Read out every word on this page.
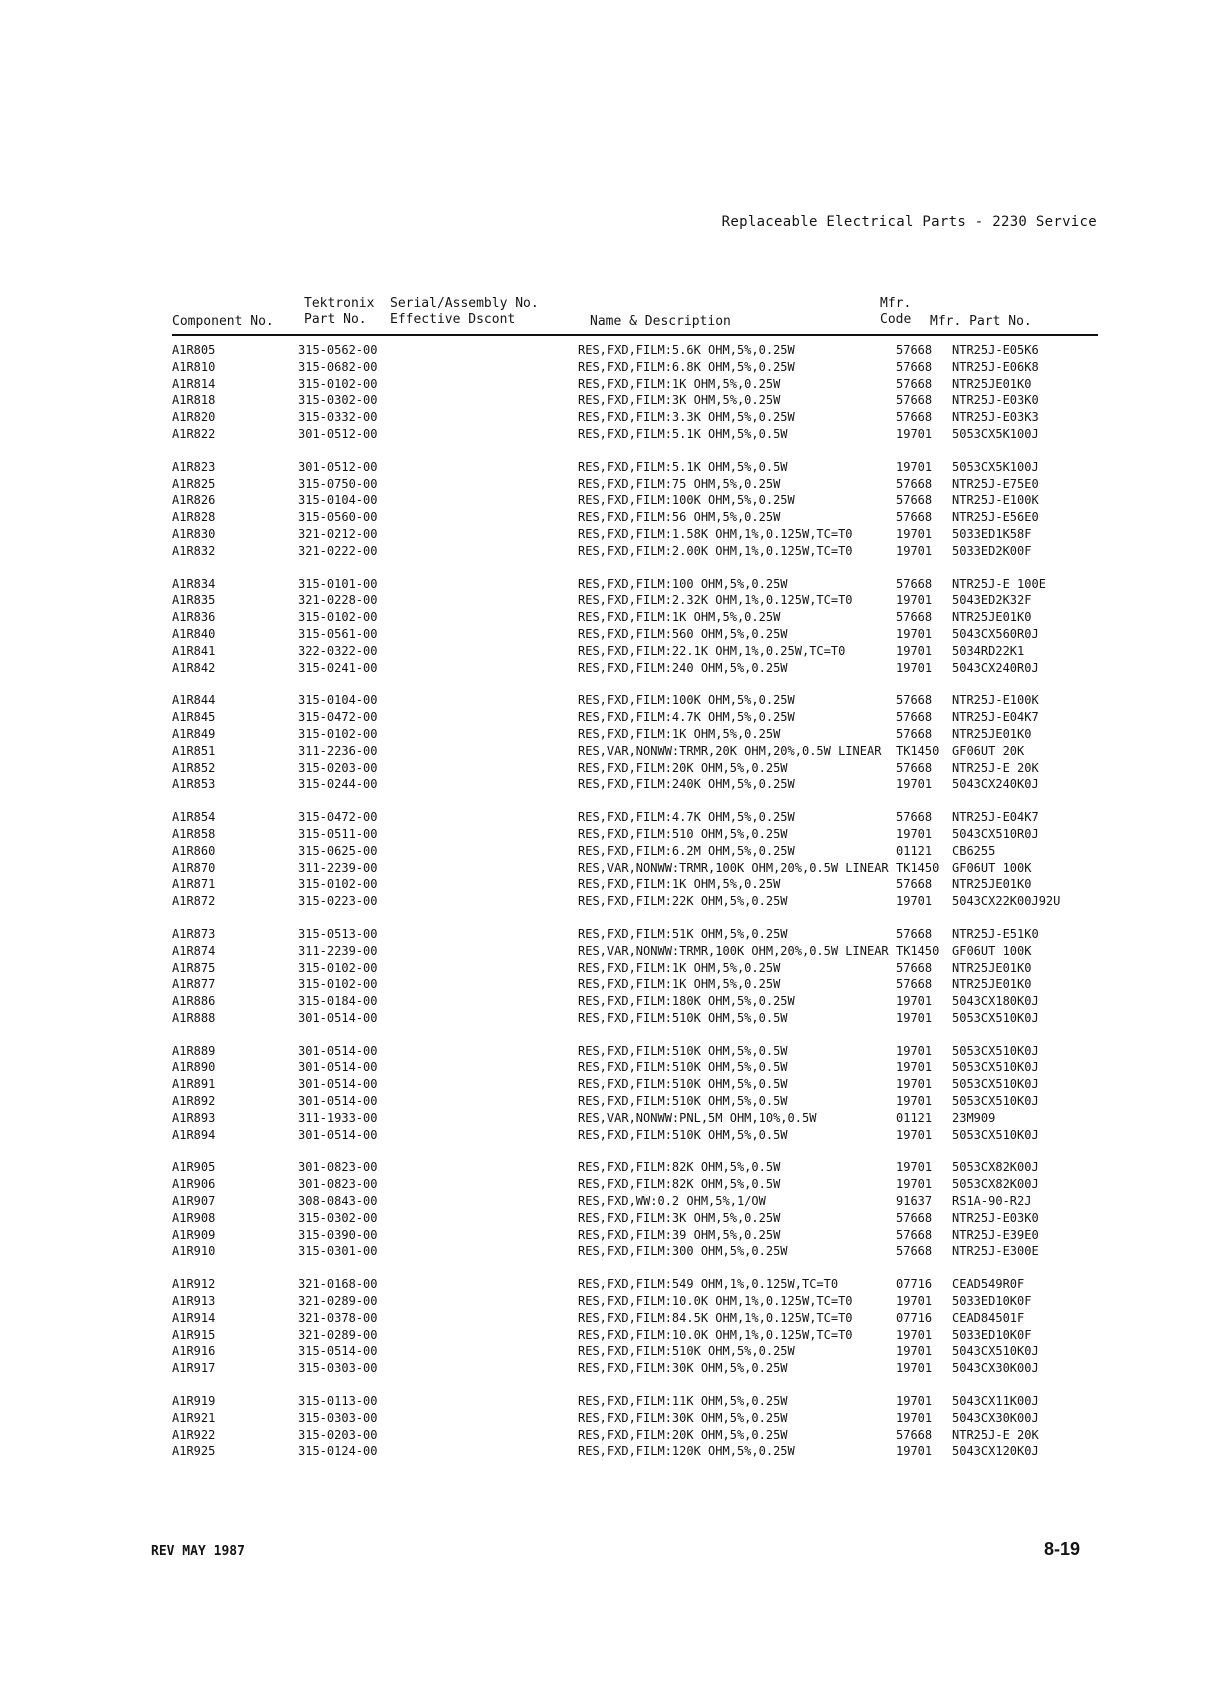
Replaceable Electrical Parts - 2230 Service
Component No.
Tektronix Part No.
Serial/Assembly No. Effective Dscont	Name & Description
Mfr. Code	Mfr. Part No.
A1R805	315-0562-00	RES,FXD,FILM:5.6K OHM,5%,0.25W	57668	NTR25J-E05K6
A1R810	315-0682-00	RES,FXD,FILM:6.8K OHM,5%,0.25W	57668	NTR25J-E06K8
A1R814	315-0102-00	RES,FXD,FILM:1K OHM,5%,0.25W	57668	NTR25JE01K0
A1R818	315-0302-00	RES,FXD,FILM:3K OHM,5%,0.25W	57668	NTR25J-E03K0
A1R820	315-0332-00	RES,FXD,FILM:3.3K OHM,5%,0.25W	57668	NTR25J-E03K3
A1R822	301-0512-00	RES,FXD,FILM:5.1K OHM,5%,0.5W	19701	5053CX5K100J
A1R823	301-0512-00	RES,FXD,FILM:5.1K OHM,5%,0.5W	19701	5053CX5K100J
A1R825	315-0750-00	RES,FXD,FILM:75 OHM,5%,0.25W	57668	NTR25J-E75E0
A1R826	315-0104-00	RES,FXD,FILM:100K OHM,5%,0.25W	57668	NTR25J-E100K
A1R828	315-0560-00	RES,FXD,FILM:56 OHM,5%,0.25W	57668	NTR25J-E56E0
A1R830	321-0212-00	RES,FXD,FILM:1.58K OHM,1%,0.125W,TC=T0	19701	5033ED1K58F
A1R832	321-0222-00	RES,FXD,FILM:2.00K OHM,1%,0.125W,TC=T0	19701	5033ED2K00F
A1R834	315-0101-00	RES,FXD,FILM:100 OHM,5%,0.25W	57668	NTR25J-E 100E
A1R835	321-0228-00	RES,FXD,FILM:2.32K OHM,1%,0.125W,TC=T0	19701	5043ED2K32F
A1R836	315-0102-00	RES,FXD,FILM:1K OHM,5%,0.25W	57668	NTR25JE01K0
A1R840	315-0561-00	RES,FXD,FILM:560 OHM,5%,0.25W	19701	5043CX560R0J
A1R841	322-0322-00	RES,FXD,FILM:22.1K OHM,1%,0.25W,TC=T0	19701	5034RD22K1
A1R842	315-0241-00	RES,FXD,FILM:240 OHM,5%,0.25W	19701	5043CX240R0J
A1R844	315-0104-00	RES,FXD,FILM:100K OHM,5%,0.25W	57668	NTR25J-E100K
A1R845	315-0472-00	RES,FXD,FILM:4.7K OHM,5%,0.25W	57668	NTR25J-E04K7
A1R849	315-0102-00	RES,FXD,FILM:1K OHM,5%,0.25W	57668	NTR25JE01K0
A1R851	311-2236-00	RES,VAR,NONWW:TRMR,20K OHM,20%,0.5W LINEAR	TK1450	GF06UT 20K
A1R852	315-0203-00	RES,FXD,FILM:20K OHM,5%,0.25W	57668	NTR25J-E 20K
A1R853	315-0244-00	RES,FXD,FILM:240K OHM,5%,0.25W	19701	5043CX240K0J
A1R854	315-0472-00	RES,FXD,FILM:4.7K OHM,5%,0.25W	57668	NTR25J-E04K7
A1R858	315-0511-00	RES,FXD,FILM:510 OHM,5%,0.25W	19701	5043CX510R0J
A1R860	315-0625-00	RES,FXD,FILM:6.2M OHM,5%,0.25W	01121	CB6255
A1R870	311-2239-00	RES,VAR,NONWW:TRMR,100K OHM,20%,0.5W LINEAR TK1450	GF06UT 100K
A1R871	315-0102-00	RES,FXD,FILM:1K OHM,5%,0.25W	57668	NTR25JE01K0
A1R872	315-0223-00	RES,FXD,FILM:22K OHM,5%,0.25W	19701	5043CX22K00J92U
A1R873	315-0513-00	RES,FXD,FILM:51K OHM,5%,0.25W	57668	NTR25J-E51K0
A1R874	311-2239-00	RES,VAR,NONWW:TRMR,100K OHM,20%,0.5W LINEAR TK1450	GF06UT 100K
A1R875	315-0102-00	RES,FXD,FILM:1K OHM,5%,0.25W	57668	NTR25JE01K0
A1R877	315-0102-00	RES,FXD,FILM:1K OHM,5%,0.25W	57668	NTR25JE01K0
A1R886	315-0184-00	RES,FXD,FILM:180K OHM,5%,0.25W	19701	5043CX180K0J
A1R888	301-0514-00	RES,FXD,FILM:510K OHM,5%,0.5W	19701	5053CX510K0J
A1R889	301-0514-00	RES,FXD,FILM:510K OHM,5%,0.5W	19701	5053CX510K0J
A1R890	301-0514-00	RES,FXD,FILM:510K OHM,5%,0.5W	19701	5053CX510K0J
A1R891	301-0514-00	RES,FXD,FILM:510K OHM,5%,0.5W	19701	5053CX510K0J
A1R892	301-0514-00	RES,FXD,FILM:510K OHM,5%,0.5W	19701	5053CX510K0J
A1R893	311-1933-00	RES,VAR,NONWW:PNL,5M OHM,10%,0.5W	01121	23M909
A1R894	301-0514-00	RES,FXD,FILM:510K OHM,5%,0.5W	19701	5053CX510K0J
A1R905	301-0823-00	RES,FXD,FILM:82K OHM,5%,0.5W	19701	5053CX82K00J
A1R906	301-0823-00	RES,FXD,FILM:82K OHM,5%,0.5W	19701	5053CX82K00J
A1R907	308-0843-00	RES,FXD,WW:0.2 OHM,5%,1/OW	91637	RS1A-90-R2J
A1R908	315-0302-00	RES,FXD,FILM:3K OHM,5%,0.25W	57668	NTR25J-E03K0
A1R909	315-0390-00	RES,FXD,FILM:39 OHM,5%,0.25W	57668	NTR25J-E39E0
A1R910	315-0301-00	RES,FXD,FILM:300 OHM,5%,0.25W	57668	NTR25J-E300E
A1R912	321-0168-00	RES,FXD,FILM:549 OHM,1%,0.125W,TC=T0	07716	CEAD549R0F
A1R913	321-0289-00	RES,FXD,FILM:10.0K OHM,1%,0.125W,TC=T0	19701	5033ED10K0F
A1R914	321-0378-00	RES,FXD,FILM:84.5K OHM,1%,0.125W,TC=T0	07716	CEAD84501F
A1R915	321-0289-00	RES,FXD,FILM:10.0K OHM,1%,0.125W,TC=T0	19701	5033ED10K0F
A1R916	315-0514-00	RES,FXD,FILM:510K OHM,5%,0.25W	19701	5043CX510K0J
A1R917	315-0303-00	RES,FXD,FILM:30K OHM,5%,0.25W	19701	5043CX30K00J
A1R919	315-0113-00	RES,FXD,FILM:11K OHM,5%,0.25W	19701	5043CX11K00J
A1R921	315-0303-00	RES,FXD,FILM:30K OHM,5%,0.25W	19701	5043CX30K00J
A1R922	315-0203-00	RES,FXD,FILM:20K OHM,5%,0.25W	57668	NTR25J-E 20K
A1R925	315-0124-00	RES,FXD,FILM:120K OHM,5%,0.25W	19701	5043CX120K0J
REV MAY 1987	8-19
